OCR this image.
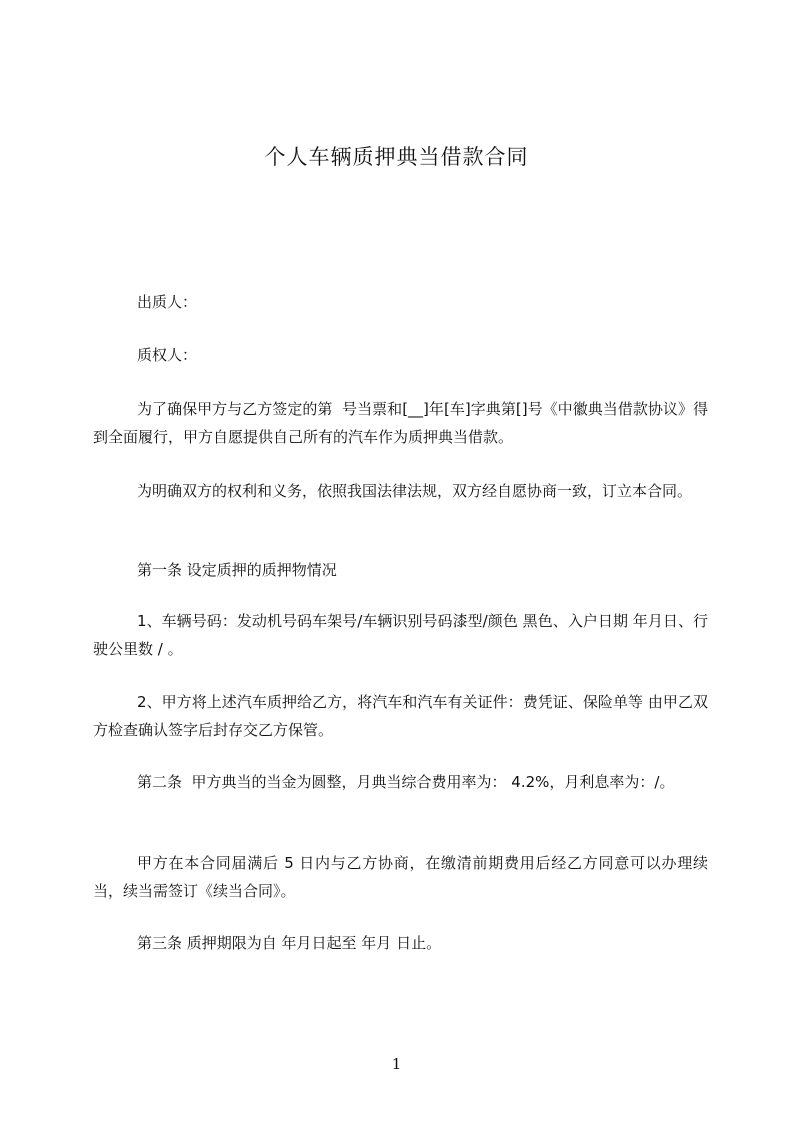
个人车辆质押典当借款合同
出质人：
质权人：
为了确保甲方与乙方签定的第  号当票和[__]年[车]字典第[]号《中徽典当借款协议》得到全面履行，甲方自愿提供自己所有的汽车作为质押典当借款。
为明确双方的权利和义务，依照我国法律法规，双方经自愿协商一致，订立本合同。
第一条 设定质押的质押物情况
1、车辆号码：发动机号码车架号/车辆识别号码漆型/颜色 黑色、入户日期 年月日、行驶公里数 / 。
2、甲方将上述汽车质押给乙方，将汽车和汽车有关证件：费凭证、保险单等 由甲乙双方检查确认签字后封存交乙方保管。
第二条  甲方典当的当金为圆整，月典当综合费用率为： 4.2%，月利息率为：/。
甲方在本合同届满后 5 日内与乙方协商，在缴清前期费用后经乙方同意可以办理续当，续当需签订《续当合同》。
第三条 质押期限为自 年月日起至 年月 日止。
1
